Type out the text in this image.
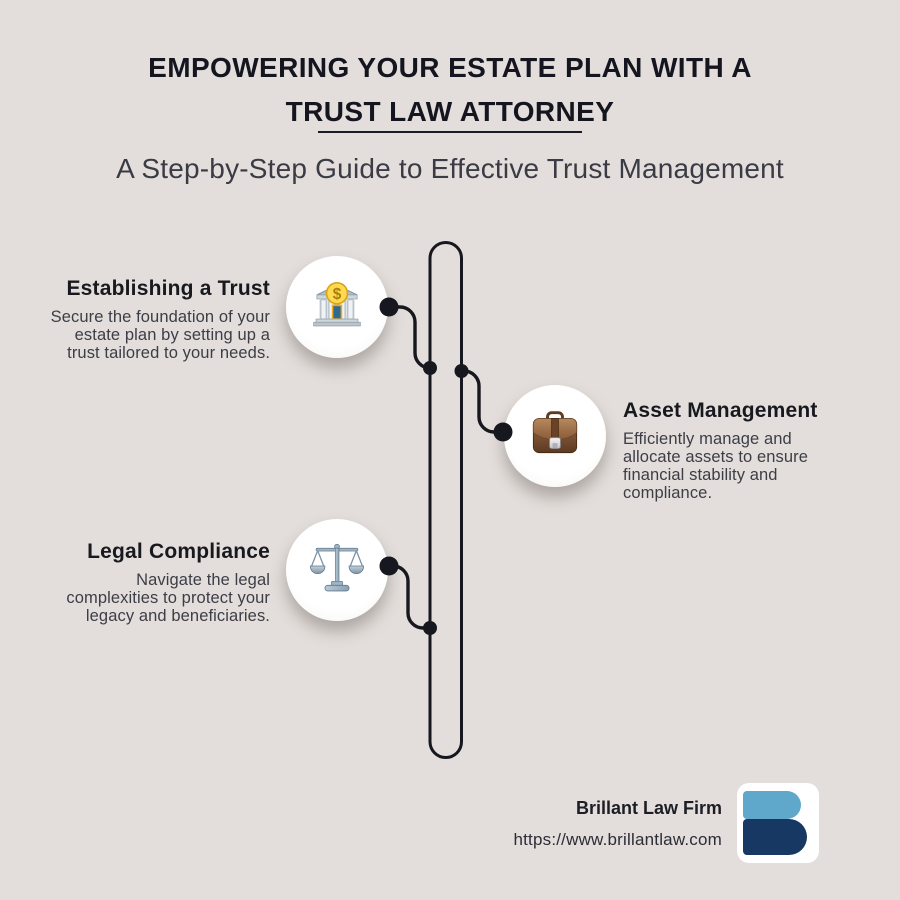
EMPOWERING YOUR ESTATE PLAN WITH A
TRUST LAW ATTORNEY
A Step-by-Step Guide to Effective Trust Management
$

Establishing a Trust

Secure the foundation of your estate plan by setting up a trust tailored to your needs.

Asset Management

Efficiently manage and allocate assets to ensure financial stability and compliance.

Legal Compliance

Navigate the legal complexities to protect your legacy and beneficiaries.

Brillant Law Firm
https://www.brillantlaw.com
